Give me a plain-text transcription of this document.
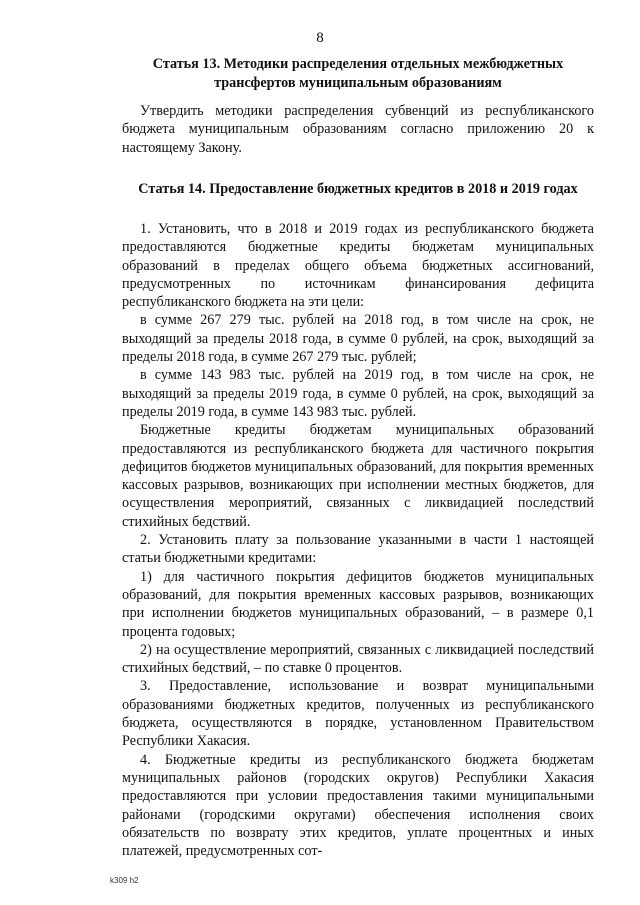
8
Статья 13. Методики распределения отдельных межбюджетных трансфертов муниципальным образованиям

Утвердить методики распределения субвенций из республиканского бюджета муниципальным образованиям согласно приложению 20 к настоящему Закону.

Статья 14. Предоставление бюджетных кредитов в 2018 и 2019 годах

1. Установить, что в 2018 и 2019 годах из республиканского бюджета предоставляются бюджетные кредиты бюджетам муниципальных образований в пределах общего объема бюджетных ассигнований, предусмотренных по источникам финансирования дефицита республиканского бюджета на эти цели:

в сумме 267 279 тыс. рублей на 2018 год, в том числе на срок, не выходящий за пределы 2018 года, в сумме 0 рублей, на срок, выходящий за пределы 2018 года, в сумме 267 279 тыс. рублей;

в сумме 143 983 тыс. рублей на 2019 год, в том числе на срок, не выходящий за пределы 2019 года, в сумме 0 рублей, на срок, выходящий за пределы 2019 года, в сумме 143 983 тыс. рублей.

Бюджетные кредиты бюджетам муниципальных образований предоставляются из республиканского бюджета для частичного покрытия дефицитов бюджетов муниципальных образований, для покрытия временных кассовых разрывов, возникающих при исполнении местных бюджетов, для осуществления мероприятий, связанных с ликвидацией последствий стихийных бедствий.

2. Установить плату за пользование указанными в части 1 настоящей статьи бюджетными кредитами:

1) для частичного покрытия дефицитов бюджетов муниципальных образований, для покрытия временных кассовых разрывов, возникающих при исполнении бюджетов муниципальных образований, – в размере 0,1 процента годовых;

2) на осуществление мероприятий, связанных с ликвидацией последствий стихийных бедствий, – по ставке 0 процентов.

3. Предоставление, использование и возврат муниципальными образованиями бюджетных кредитов, полученных из республиканского бюджета, осуществляются в порядке, установленном Правительством Республики Хакасия.

4. Бюджетные кредиты из республиканского бюджета бюджетам муниципальных районов (городских округов) Республики Хакасия предоставляются при условии предоставления такими муниципальными районами (городскими округами) обеспечения исполнения своих обязательств по возврату этих кредитов, уплате процентных и иных платежей, предусмотренных сот-

k309 h2
